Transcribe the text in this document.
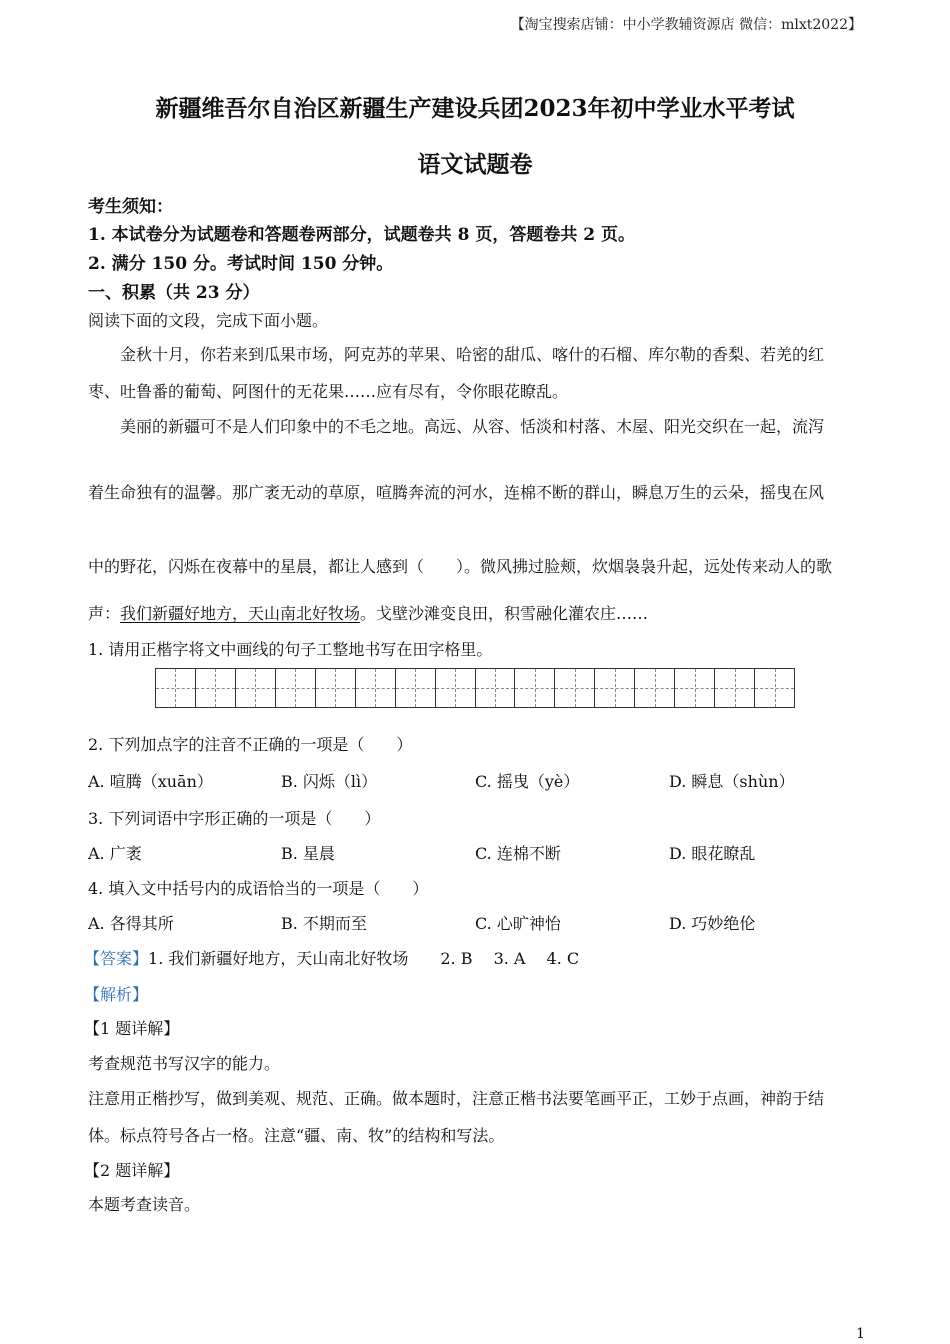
【淘宝搜索店铺：中小学教辅资源店 微信：mlxt2022】
新疆维吾尔自治区新疆生产建设兵团2023年初中学业水平考试
语文试题卷
考生须知：
1. 本试卷分为试题卷和答题卷两部分，试题卷共 8 页，答题卷共 2 页。
2. 满分 150 分。考试时间 150 分钟。
一、积累（共 23 分）
阅读下面的文段，完成下面小题。
金秋十月，你若来到瓜果市场，阿克苏的苹果、哈密的甜瓜、喀什的石榴、库尔勒的香梨、若羌的红
枣、吐鲁番的葡萄、阿图什的无花果……应有尽有，令你眼花瞭乱。
美丽的新疆可不是人们印象中的不毛之地。高远、从容、恬淡和村落、木屋、阳光交织在一起，流泻
着生命独有的温馨。那广袤无动的草原，喧腾奔流的河水，连棉不断的群山，瞬息万生的云朵，摇曳在风
中的野花，闪烁在夜幕中的星晨，都让人感到（　　）。微风拂过脸颊，炊烟袅袅升起，远处传来动人的歌
声：我们新疆好地方，天山南北好牧场。戈壁沙滩变良田，积雪融化灌农庄……
1. 请用正楷字将文中画线的句子工整地书写在田字格里。
2. 下列加点字的注音不正确的一项是（　　）
A. 喧腾（xuān）	B. 闪烁（lì）	C. 摇曳（yè）	D. 瞬息（shùn）
3. 下列词语中字形正确的一项是（　　）
A. 广袤	B. 星晨	C. 连棉不断	D. 眼花瞭乱
4. 填入文中括号内的成语恰当的一项是（　　）
A. 各得其所	B. 不期而至	C. 心旷神怡	D. 巧妙绝伦
【答案】1. 我们新疆好地方，天山南北好牧场　　2. B　 3. A　 4. C
【解析】
【1 题详解】
考查规范书写汉字的能力。
注意用正楷抄写，做到美观、规范、正确。做本题时，注意正楷书法要笔画平正，工妙于点画，神韵于结
体。标点符号各占一格。注意“疆、南、牧”的结构和写法。
【2 题详解】
本题考查读音。
1
